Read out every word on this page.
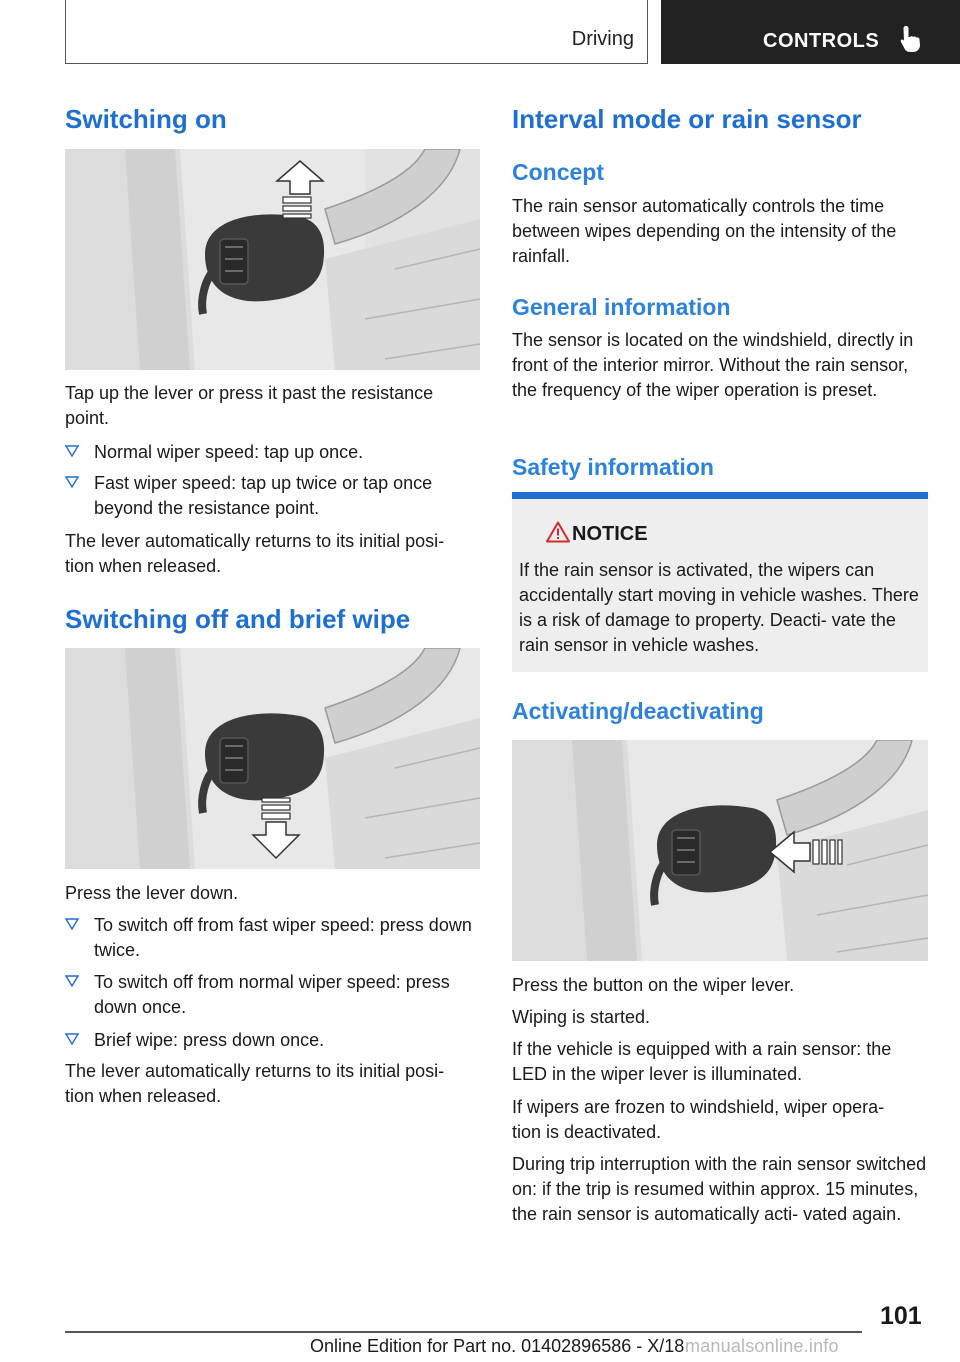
Driving	CONTROLS
Switching on

Tap up the lever or press it past the resistance point.

Normal wiper speed: tap up once.
Fast wiper speed: tap up twice or tap once beyond the resistance point.

The lever automatically returns to its initial posi‐ tion when released.

Switching off and brief wipe

Press the lever down.

To switch off from fast wiper speed: press down twice.
To switch off from normal wiper speed: press down once.
Brief wipe: press down once.

The lever automatically returns to its initial posi‐ tion when released.

Interval mode or rain sensor
Concept

The rain sensor automatically controls the time between wipes depending on the intensity of the rainfall.

General information

The sensor is located on the windshield, directly in front of the interior mirror. Without the rain sensor, the frequency of the wiper operation is preset.

Safety information
NOTICE
If the rain sensor is activated, the wipers can accidentally start moving in vehicle washes. There is a risk of damage to property. Deacti‐ vate the rain sensor in vehicle washes.
Activating/deactivating

Press the button on the wiper lever.

Wiping is started.

If the vehicle is equipped with a rain sensor: the LED in the wiper lever is illuminated.

If wipers are frozen to windshield, wiper opera‐ tion is deactivated.

During trip interruption with the rain sensor switched on: if the trip is resumed within approx. 15 minutes, the rain sensor is automatically acti‐ vated again.

101
Online Edition for Part no. 01402896586 - X/18 manualsonline.info
